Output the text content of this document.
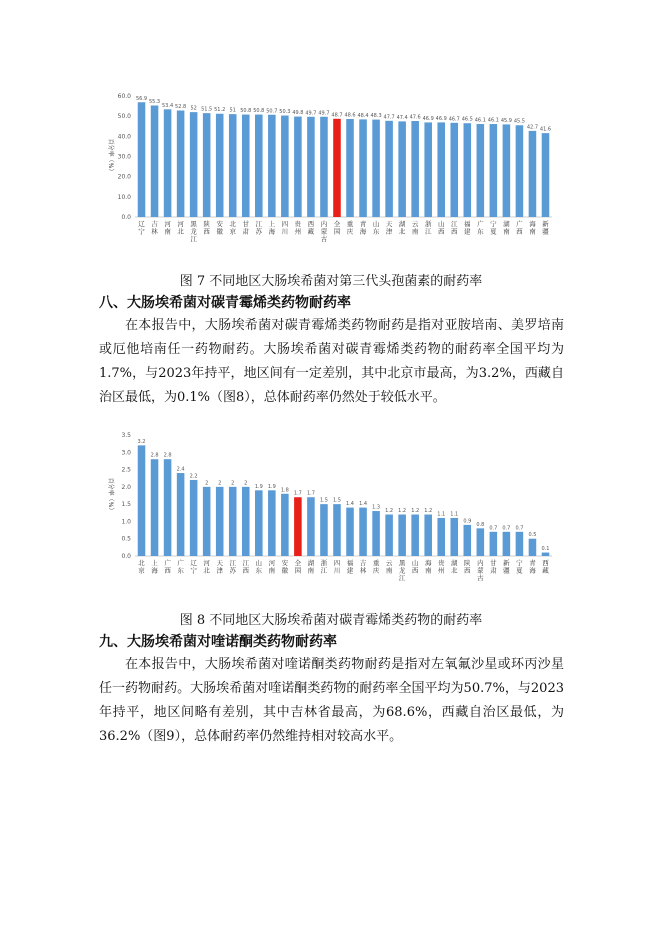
百分率（%）
0.0
10.0
20.0
30.0
40.0
50.0
60.0 56.9
辽宁
55.3
吉林
53.4
河南
52.8
河北
52
黑龙江
51.5
陕西
51.2
安徽
51
北京
50.8
甘肃
50.8
江苏
50.7
上海
50.3
四川
49.8
贵州
49.7
西藏
49.7
内蒙古
48.7
全国
48.6
重庆
48.4
青海
48.3
山东
47.7
天津
47.4
湖北
47.6
云南
46.9
浙江
46.9
山西
46.7
江西
46.5
福建
46.1
广东
46.1
宁夏
45.9
湖南
45.5
广西
42.7
海南
41.6
新疆
图 7 不同地区大肠埃希菌对第三代头孢菌素的耐药率
八、大肠埃希菌对碳青霉烯类药物耐药率
在本报告中，大肠埃希菌对碳青霉烯类药物耐药是指对亚胺培南、美罗培南或厄他培南任一药物耐药。大肠埃希菌对碳青霉烯类药物的耐药率全国平均为1.7%，与2023年持平，地区间有一定差别，其中北京市最高，为3.2%，西藏自治区最低，为0.1%（图8），总体耐药率仍然处于较低水平。
百分率（%）
0.0
0.5
1.0
1.5
2.0
2.5
3.0
3.5
3.2
北京
2.8
上海
2.8
广西
2.4
广东
2.2
辽宁
2
河北
2
天津
2
江苏
2
江西
1.9
山东
1.9
河南
1.8
安徽
1.7
全国
1.7
湖南
1.5
浙江
1.5
四川
1.4
福建
1.4
吉林
1.3
重庆
1.2
云南
1.2
黑龙江
1.2
山西
1.2
海南
1.1
贵州
1.1
湖北
0.9
陕西
0.8
内蒙古
0.7
甘肃
0.7
新疆
0.7
宁夏
0.5
青海
0.1
西藏
图 8 不同地区大肠埃希菌对碳青霉烯类药物的耐药率
九、大肠埃希菌对喹诺酮类药物耐药率
在本报告中，大肠埃希菌对喹诺酮类药物耐药是指对左氧氟沙星或环丙沙星任一药物耐药。大肠埃希菌对喹诺酮类药物的耐药率全国平均为50.7%，与2023年持平，地区间略有差别，其中吉林省最高，为68.6%，西藏自治区最低，为36.2%（图9），总体耐药率仍然维持相对较高水平。
